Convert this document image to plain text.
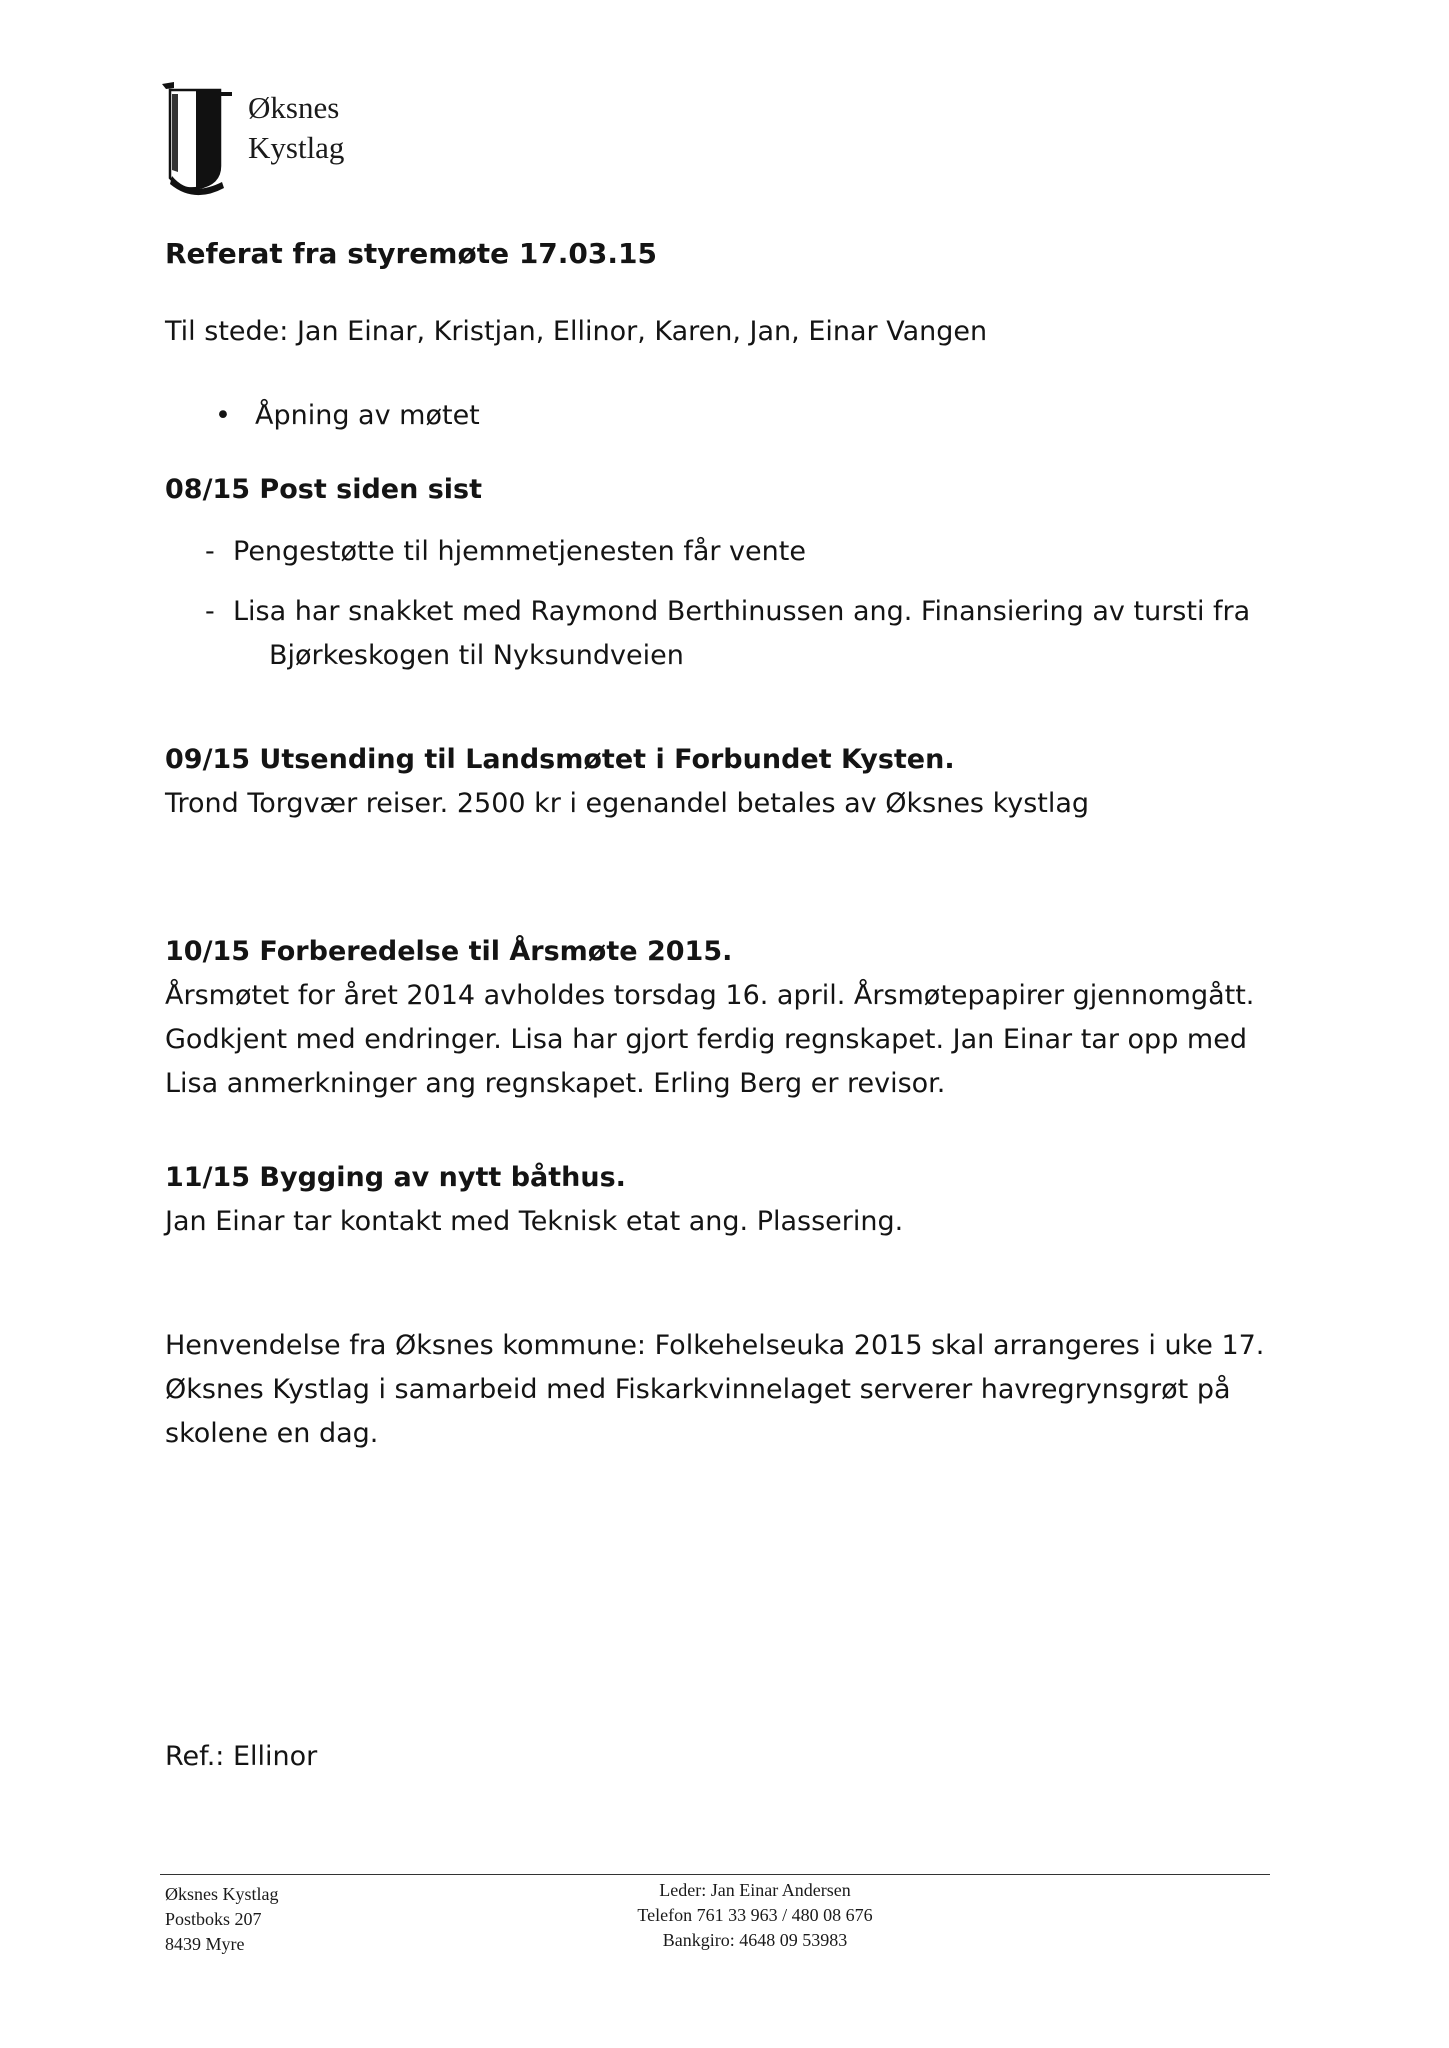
Øksnes
Kystlag
Referat fra styremøte 17.03.15

Til stede: Jan Einar, Kristjan, Ellinor, Karen, Jan, Einar Vangen

• Åpning av møtet
08/15 Post siden sist
- Pengestøtte til hjemmetjenesten får vente
- Lisa har snakket med Raymond Berthinussen ang. Finansiering av tursti fra
Bjørkeskogen til Nyksundveien
09/15 Utsending til Landsmøtet i Forbundet Kysten.

Trond Torgvær reiser. 2500 kr i egenandel betales av Øksnes kystlag

10/15 Forberedelse til Årsmøte 2015.

Årsmøtet for året 2014 avholdes torsdag 16. april. Årsmøtepapirer gjennomgått. Godkjent med endringer. Lisa har gjort ferdig regnskapet. Jan Einar tar opp med Lisa anmerkninger ang regnskapet. Erling Berg er revisor.

11/15 Bygging av nytt båthus.

Jan Einar tar kontakt med Teknisk etat ang. Plassering.

Henvendelse fra Øksnes kommune: Folkehelseuka 2015 skal arrangeres i uke 17. Øksnes Kystlag i samarbeid med Fiskarkvinnelaget serverer havregrynsgrøt på skolene en dag.

Ref.: Ellinor

Øksnes Kystlag
Postboks 207
8439 Myre
Leder: Jan Einar Andersen
Telefon 761 33 963 / 480 08 676
Bankgiro: 4648 09 53983
